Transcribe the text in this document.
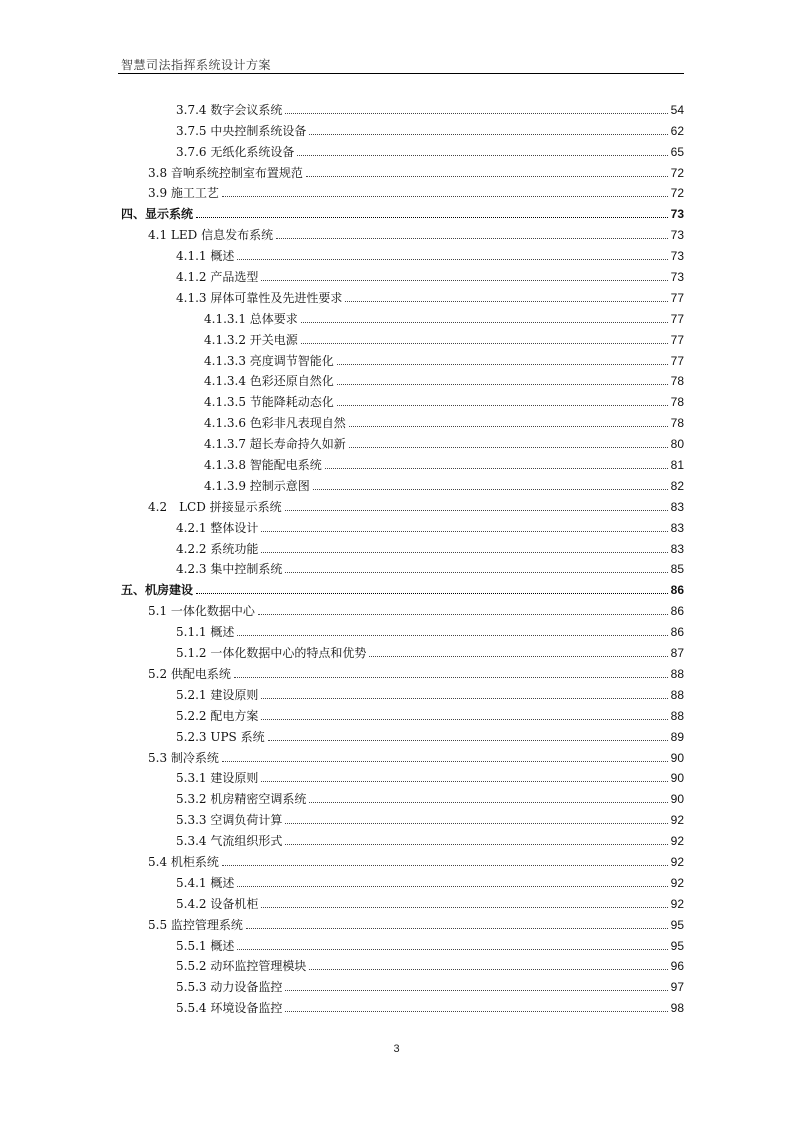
智慧司法指挥系统设计方案
3.7.4 数字会议系统	54
3.7.5 中央控制系统设备	62
3.7.6 无纸化系统设备	65
3.8 音响系统控制室布置规范	72
3.9 施工工艺	72
四、显示系统	73
4.1 LED 信息发布系统	73
4.1.1 概述	73
4.1.2 产品选型	73
4.1.3 屏体可靠性及先进性要求	77
4.1.3.1 总体要求	77
4.1.3.2 开关电源	77
4.1.3.3 亮度调节智能化	77
4.1.3.4 色彩还原自然化	78
4.1.3.5 节能降耗动态化	78
4.1.3.6 色彩非凡表现自然	78
4.1.3.7 超长寿命持久如新	80
4.1.3.8 智能配电系统	81
4.1.3.9 控制示意图	82
4.2　LCD 拼接显示系统	83
4.2.1 整体设计	83
4.2.2 系统功能	83
4.2.3 集中控制系统	85
五、机房建设	86
5.1 一体化数据中心	86
5.1.1 概述	86
5.1.2 一体化数据中心的特点和优势	87
5.2 供配电系统	88
5.2.1 建设原则	88
5.2.2 配电方案	88
5.2.3 UPS 系统	89
5.3 制冷系统	90
5.3.1 建设原则	90
5.3.2 机房精密空调系统	90
5.3.3 空调负荷计算	92
5.3.4 气流组织形式	92
5.4 机柜系统	92
5.4.1 概述	92
5.4.2 设备机柜	92
5.5 监控管理系统	95
5.5.1 概述	95
5.5.2 动环监控管理模块	96
5.5.3 动力设备监控	97
5.5.4 环境设备监控	98
3
